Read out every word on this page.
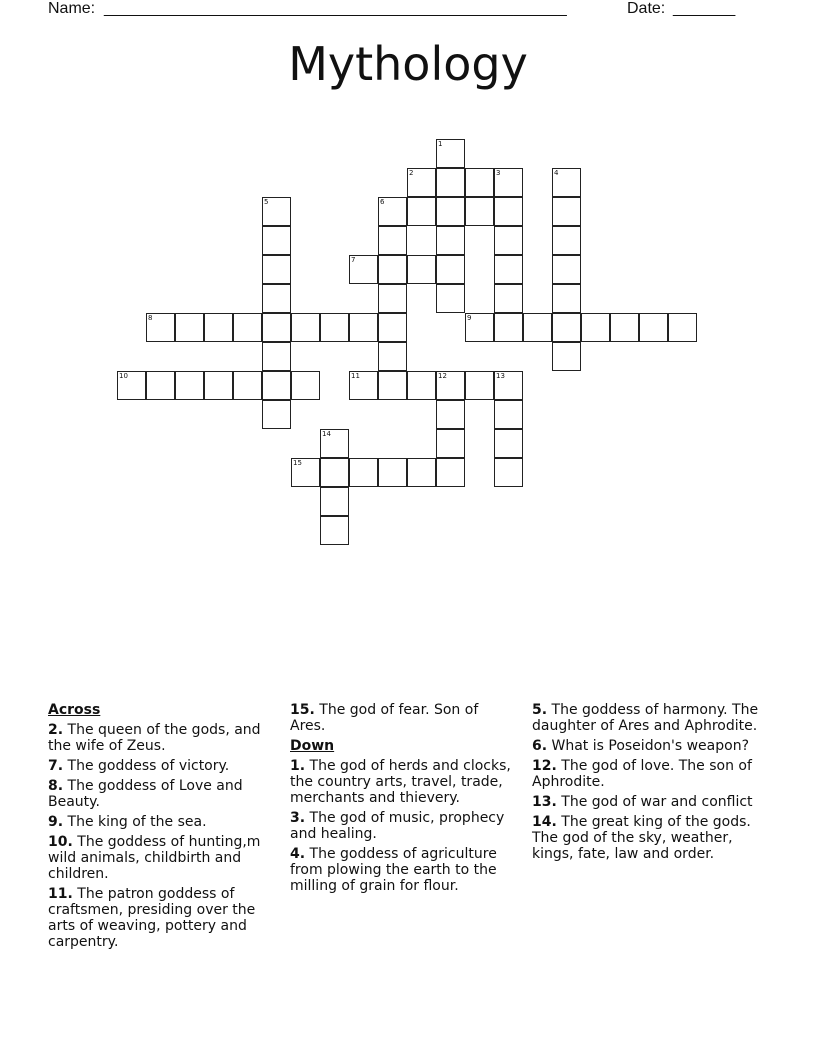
Name: ____________________________________________________	Date: _______
Mythology
1
2	3	4
5	6
7
8	9
10	11	12	13
14
15
Across
2. The queen of the gods, and the wife of Zeus.
7. The goddess of victory.
8. The goddess of Love and Beauty.
9. The king of the sea.
10. The goddess of hunting,m wild animals, childbirth and children.
11. The patron goddess of craftsmen, presiding over the arts of weaving, pottery and carpentry.
15. The god of fear. Son of Ares.
Down
1. The god of herds and clocks, the country arts, travel, trade, merchants and thievery.
3. The god of music, prophecy and healing.
4. The goddess of agriculture from plowing the earth to the milling of grain for flour.
5. The goddess of harmony. The daughter of Ares and Aphrodite.
6. What is Poseidon's weapon?
12. The god of love. The son of Aphrodite.
13. The god of war and conflict
14. The great king of the gods. The god of the sky, weather, kings, fate, law and order.
